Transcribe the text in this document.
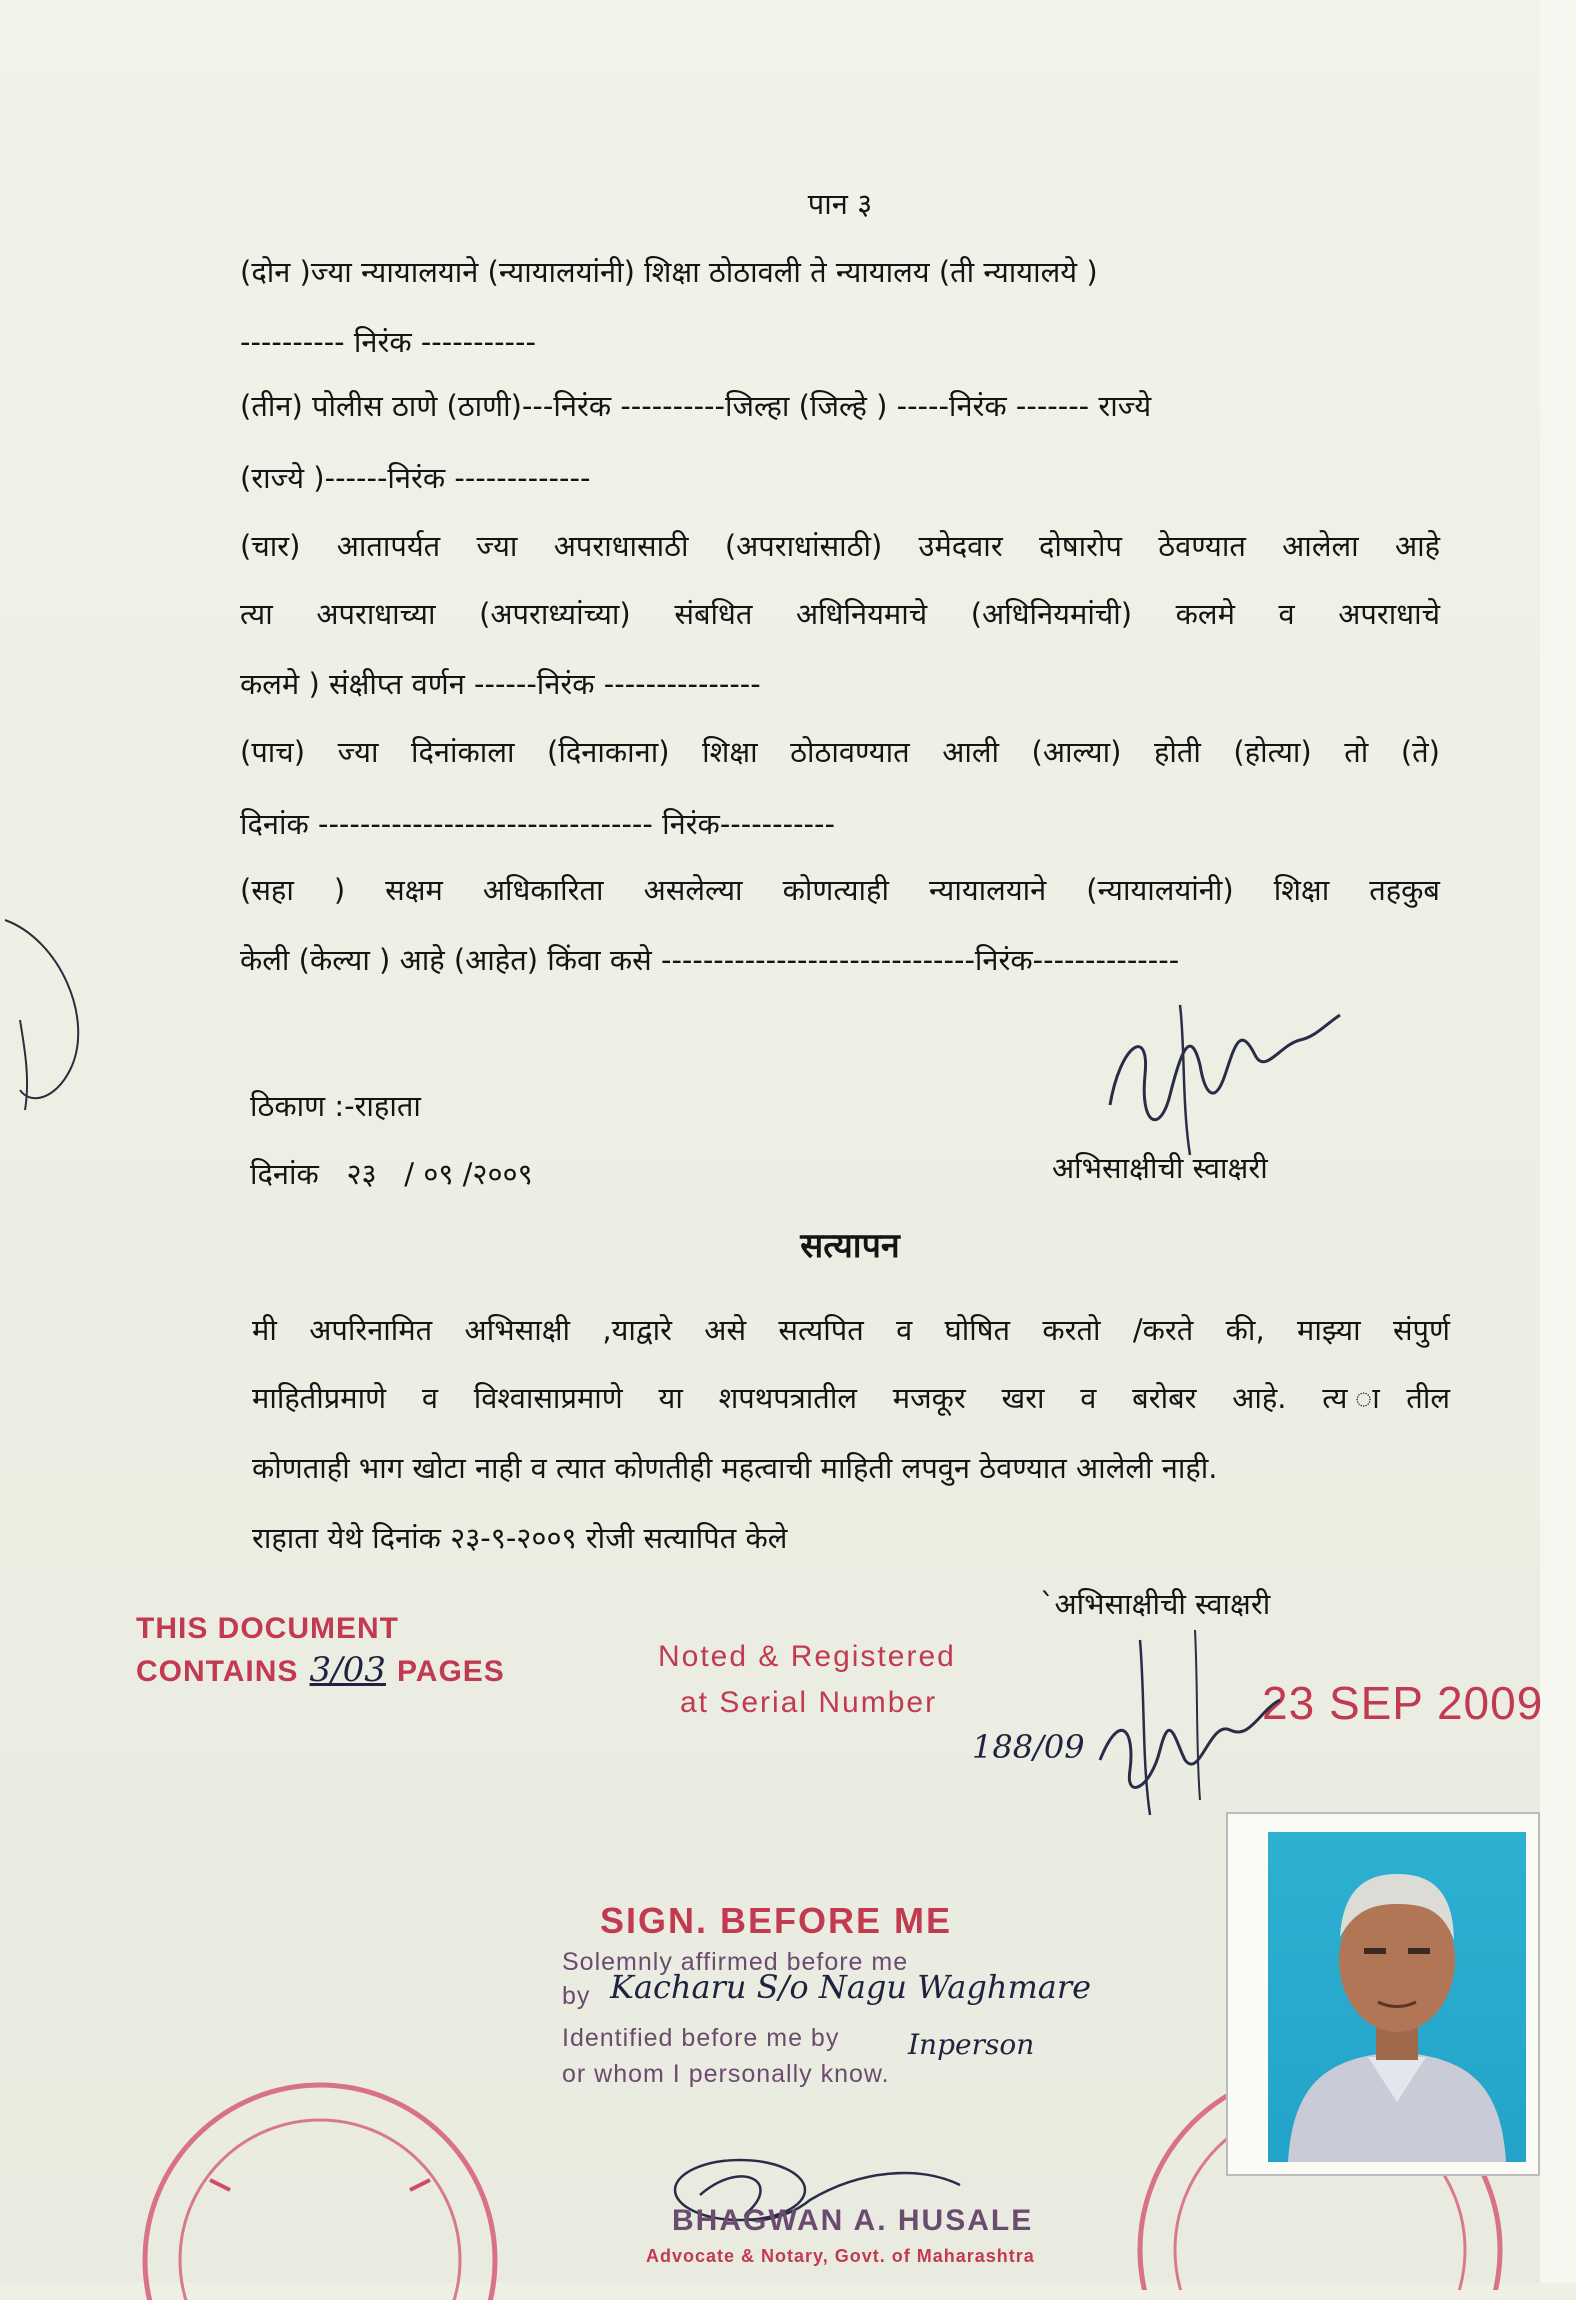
पान ३
(दोन )ज्या न्यायालयाने (न्यायालयांनी) शिक्षा ठोठावली ते न्यायालय (ती न्यायालये )
---------- निरंक -----------
(तीन) पोलीस ठाणे (ठाणी)---निरंक ----------जिल्हा (जिल्हे ) -----निरंक ------- राज्ये
(राज्ये )------निरंक -------------
(चार) आतापर्यत ज्या अपराधासाठी (अपराधांसाठी) उमेदवार दोषारोप ठेवण्यात आलेला आहे
त्या अपराधाच्या (अपराध्यांच्या) संबधित अधिनियमाचे (अधिनियमांची) कलमे व अपराधाचे
कलमे ) संक्षीप्त वर्णन ------निरंक ---------------
(पाच) ज्या दिनांकाला (दिनाकाना) शिक्षा ठोठावण्यात आली (आल्या) होती (होत्या) तो (ते)
दिनांक -------------------------------- निरंक-----------
(सहा ) सक्षम अधिकारिता असलेल्या कोणत्याही न्यायालयाने (न्यायालयांनी) शिक्षा तहकुब
केली (केल्या ) आहे (आहेत) किंवा कसे ------------------------------निरंक--------------
ठिकाण :-राहाता
दिनांक   २३   / ०९ /२००९	अभिसाक्षीची स्वाक्षरी
सत्यापन
मी अपरिनामित अभिसाक्षी ,याद्वारे असे सत्यपित व घोषित करतो /करते की, माझ्या संपुर्ण
माहितीप्रमाणे व विश्वासाप्रमाणे या शपथपत्रातील मजकूर खरा व बरोबर आहे. त्य ातील
कोणताही भाग खोटा नाही व त्यात कोणतीही महत्वाची माहिती लपवुन ठेवण्यात आलेली नाही.
राहाता येथे दिनांक २३-९-२००९ रोजी सत्यापित केले
`अभिसाक्षीची स्वाक्षरी
THIS DOCUMENT
CONTAINS 3/03 PAGES	Noted & Registered
at Serial Number
188/09
23 SEP 2009
SIGN. BEFORE ME
Solemnly affirmed before me
by Kacharu S/o Nagu Waghmare
Identified before me by Inperson
or whom I personally know.
BHAGWAN A. HUSALE
Advocate & Notary, Govt. of Maharashtra
